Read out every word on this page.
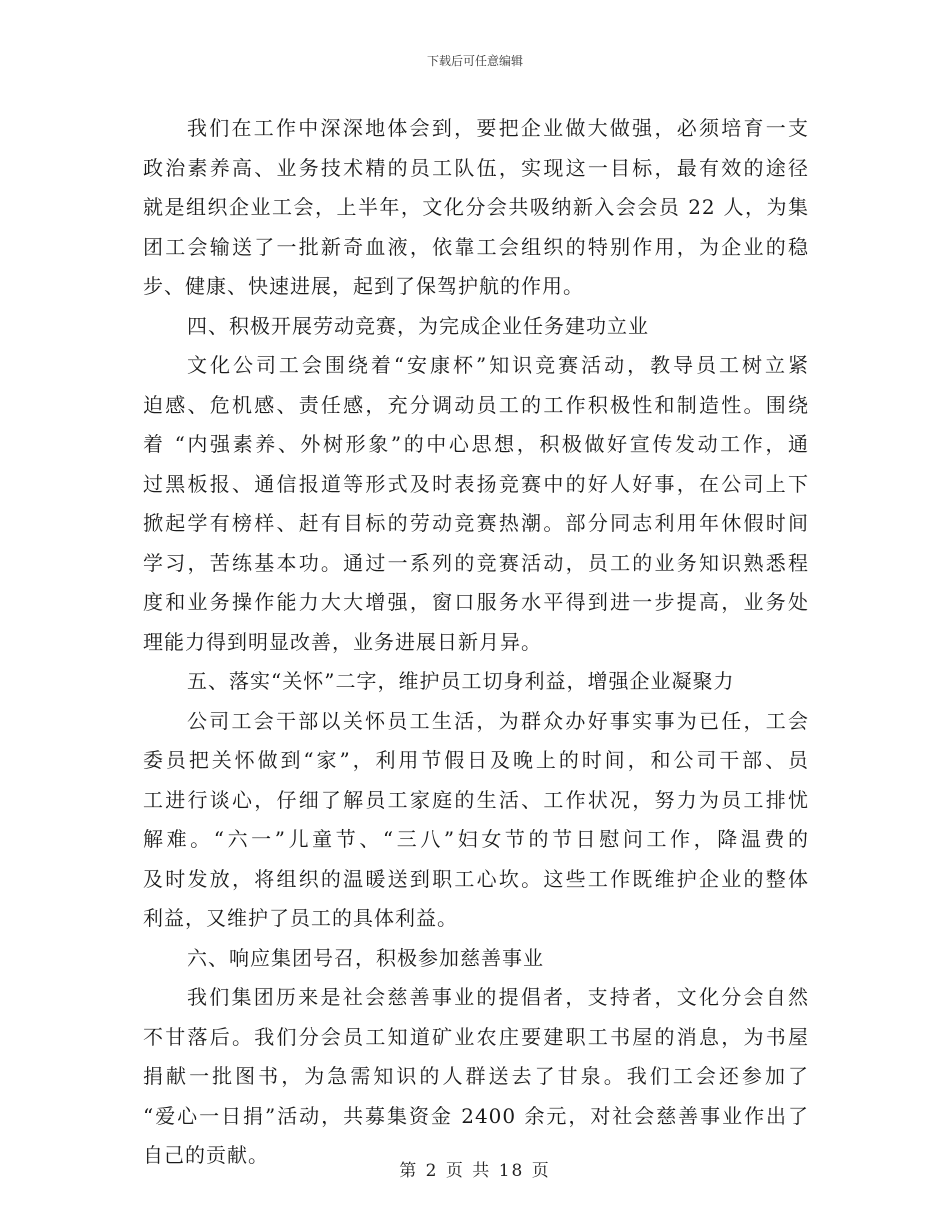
下载后可任意编辑
我们在工作中深深地体会到，要把企业做大做强，必须培育一支
政治素养高、业务技术精的员工队伍，实现这一目标，最有效的途径
就是组织企业工会，上半年，文化分会共吸纳新入会会员 22 人，为集
团工会输送了一批新奇血液，依靠工会组织的特别作用，为企业的稳
步、健康、快速进展，起到了保驾护航的作用。
四、积极开展劳动竞赛，为完成企业任务建功立业
文化公司工会围绕着“安康杯”知识竞赛活动，教导员工树立紧
迫感、危机感、责任感，充分调动员工的工作积极性和制造性。围绕
着 “内强素养、外树形象”的中心思想，积极做好宣传发动工作，通
过黑板报、通信报道等形式及时表扬竞赛中的好人好事，在公司上下
掀起学有榜样、赶有目标的劳动竞赛热潮。部分同志利用年休假时间
学习，苦练基本功。通过一系列的竞赛活动，员工的业务知识熟悉程
度和业务操作能力大大增强，窗口服务水平得到进一步提高，业务处
理能力得到明显改善，业务进展日新月异。
五、落实“关怀”二字，维护员工切身利益，增强企业凝聚力
公司工会干部以关怀员工生活，为群众办好事实事为已任，工会
委员把关怀做到“家”，利用节假日及晚上的时间，和公司干部、员
工进行谈心，仔细了解员工家庭的生活、工作状况，努力为员工排忧
解难。“六一”儿童节、“三八”妇女节的节日慰问工作，降温费的
及时发放，将组织的温暖送到职工心坎。这些工作既维护企业的整体
利益，又维护了员工的具体利益。
六、响应集团号召，积极参加慈善事业
我们集团历来是社会慈善事业的提倡者，支持者，文化分会自然
不甘落后。我们分会员工知道矿业农庄要建职工书屋的消息，为书屋
捐献一批图书，为急需知识的人群送去了甘泉。我们工会还参加了
“爱心一日捐”活动，共募集资金 2400 余元，对社会慈善事业作出了
自己的贡献。
第 2 页 共 18 页
